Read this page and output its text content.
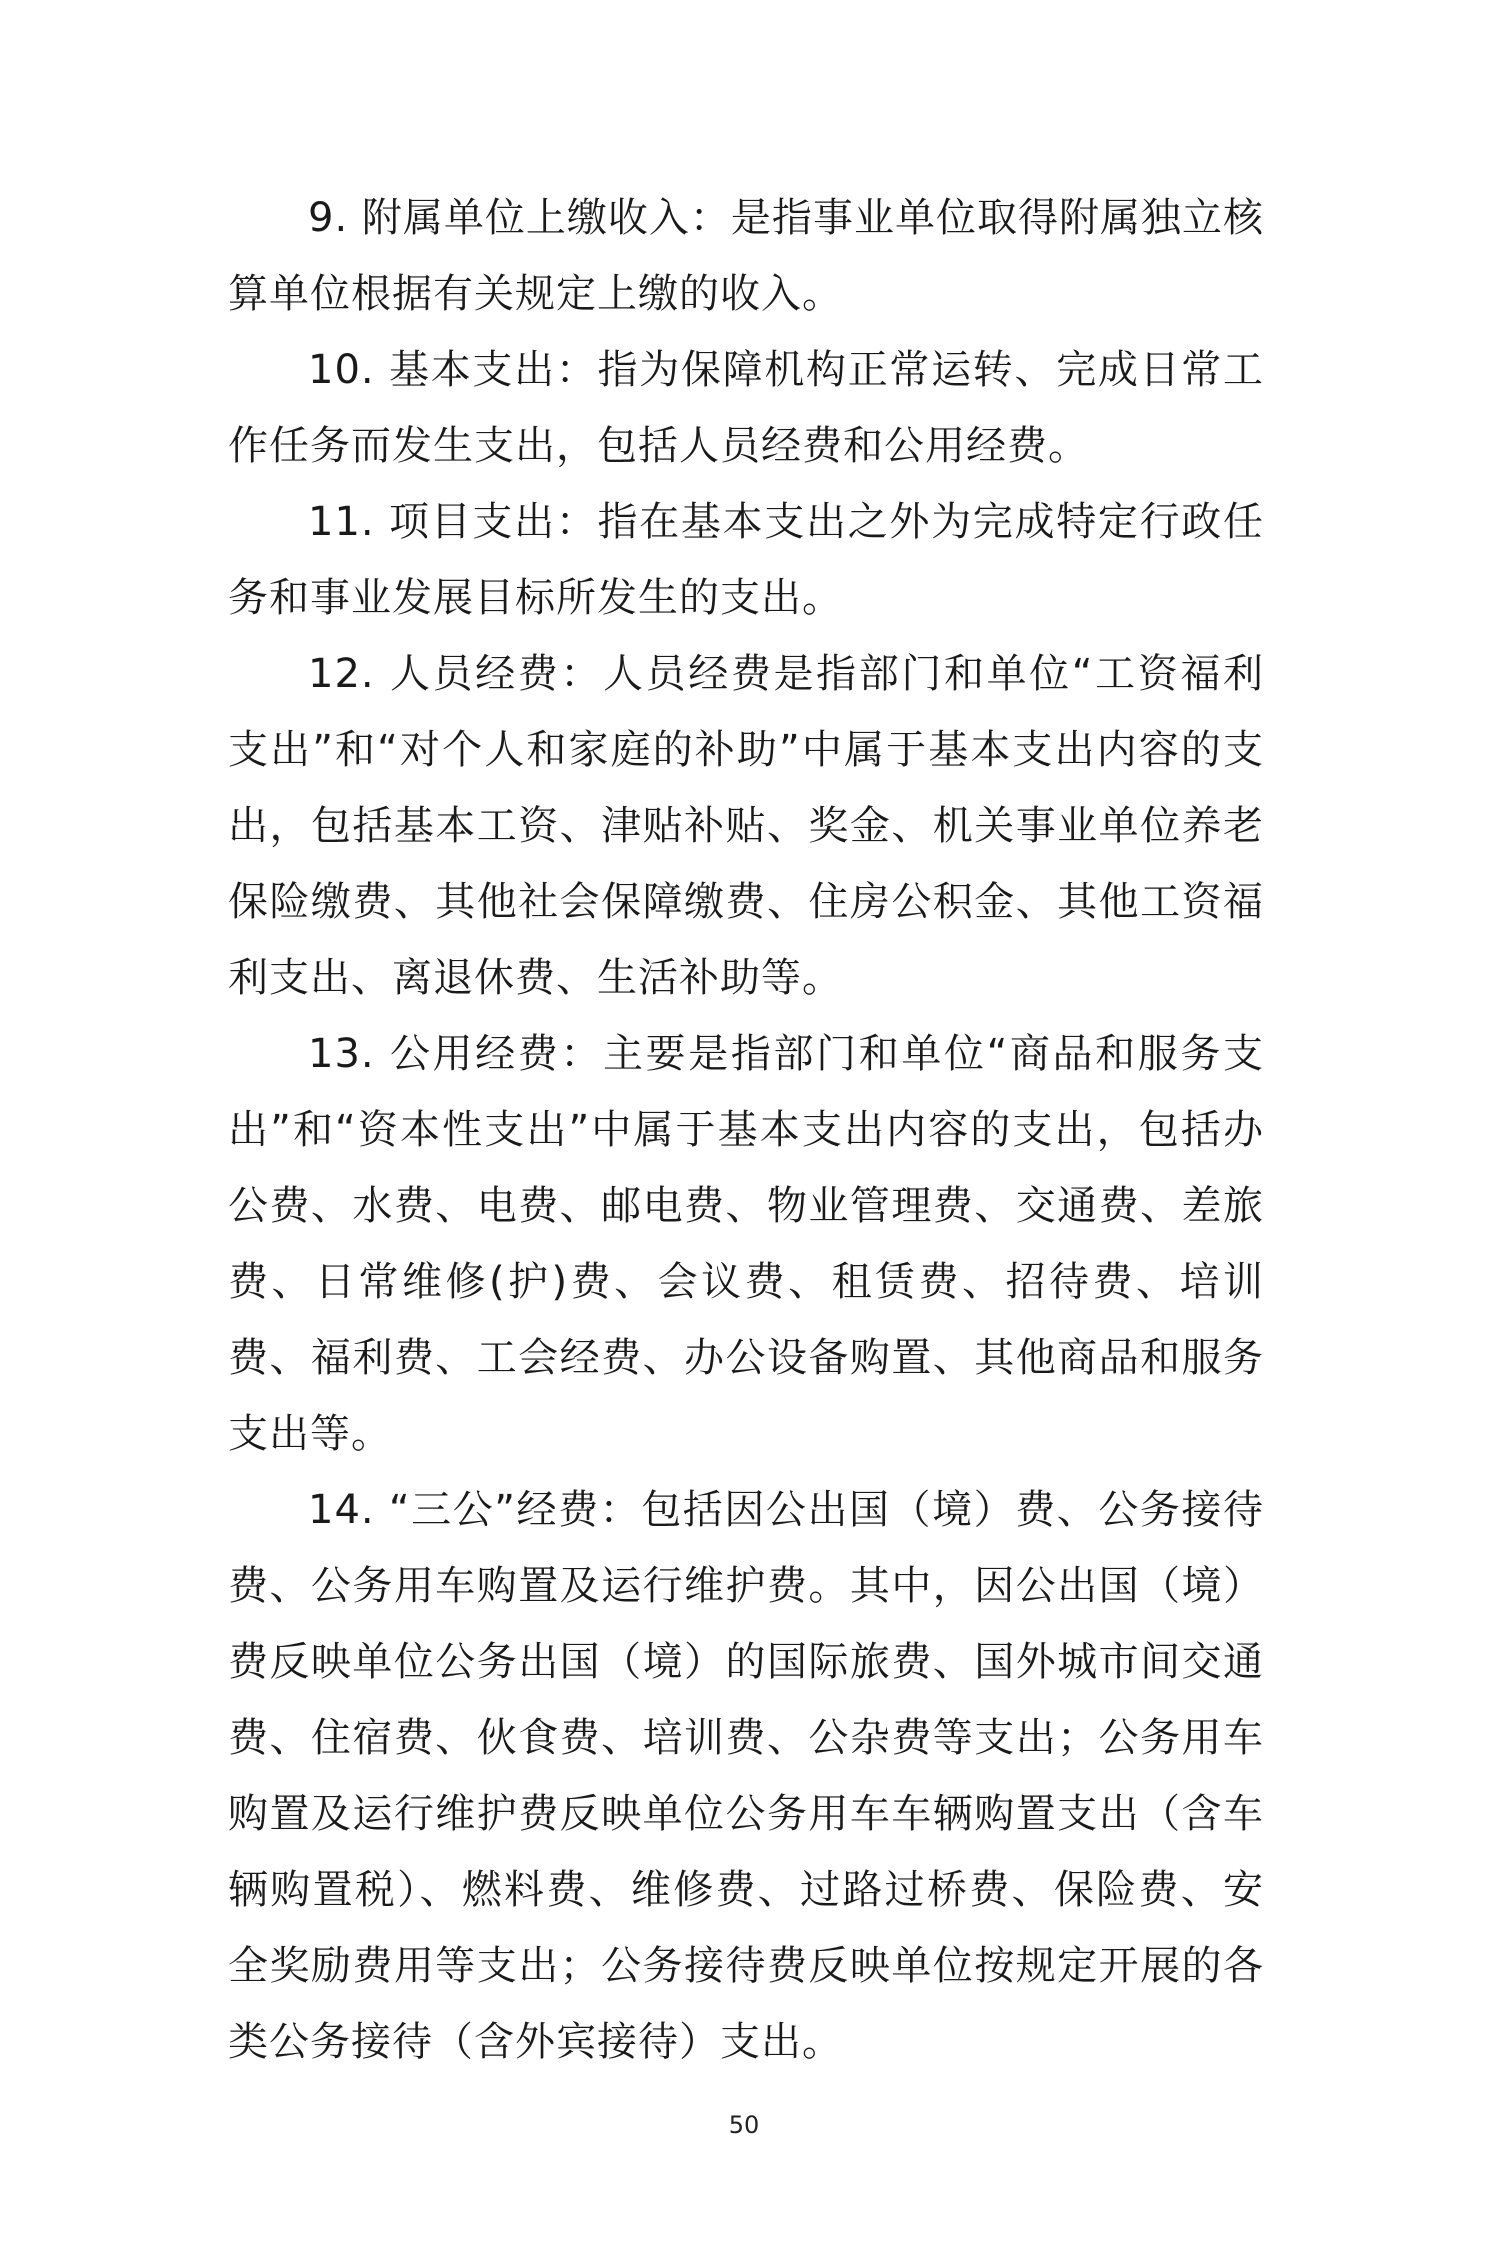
9. 附属单位上缴收入：是指事业单位取得附属独立核算单位根据有关规定上缴的收入。

10. 基本支出：指为保障机构正常运转、完成日常工作任务而发生支出，包括人员经费和公用经费。

11. 项目支出：指在基本支出之外为完成特定行政任务和事业发展目标所发生的支出。

12. 人员经费：人员经费是指部门和单位“工资福利支出”和“对个人和家庭的补助”中属于基本支出内容的支出，包括基本工资、津贴补贴、奖金、机关事业单位养老保险缴费、其他社会保障缴费、住房公积金、其他工资福利支出、离退休费、生活补助等。

13. 公用经费：主要是指部门和单位“商品和服务支出”和“资本性支出”中属于基本支出内容的支出，包括办公费、水费、电费、邮电费、物业管理费、交通费、差旅费、日常维修(护)费、会议费、租赁费、招待费、培训费、福利费、工会经费、办公设备购置、其他商品和服务支出等。

14. “三公”经费：包括因公出国（境）费、公务接待费、公务用车购置及运行维护费。其中，因公出国（境）费反映单位公务出国（境）的国际旅费、国外城市间交通费、住宿费、伙食费、培训费、公杂费等支出；公务用车购置及运行维护费反映单位公务用车车辆购置支出（含车辆购置税）、燃料费、维修费、过路过桥费、保险费、安全奖励费用等支出；公务接待费反映单位按规定开展的各类公务接待（含外宾接待）支出。

50
